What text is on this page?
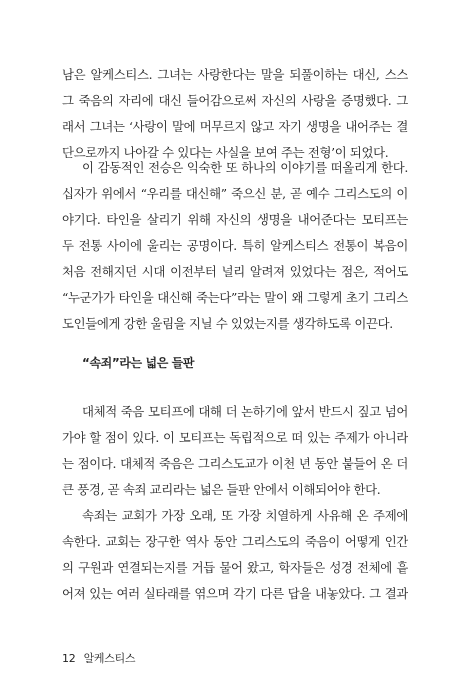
남은 알케스티스. 그녀는 사랑한다는 말을 되풀이하는 대신, 스스
그 죽음의 자리에 대신 들어감으로써 자신의 사랑을 증명했다. 그
래서 그녀는 ‘사랑이 말에 머무르지 않고 자기 생명을 내어주는 결
단으로까지 나아갈 수 있다는 사실을 보여 주는 전형’이 되었다.
이 감동적인 전승은 익숙한 또 하나의 이야기를 떠올리게 한다.
십자가 위에서 “우리를 대신해” 죽으신 분, 곧 예수 그리스도의 이
야기다. 타인을 살리기 위해 자신의 생명을 내어준다는 모티프는
두 전통 사이에 울리는 공명이다. 특히 알케스티스 전통이 복음이
처음 전해지던 시대 이전부터 널리 알려져 있었다는 점은, 적어도
“누군가가 타인을 대신해 죽는다”라는 말이 왜 그렇게 초기 그리스
도인들에게 강한 울림을 지닐 수 있었는지를 생각하도록 이끈다.
“속죄”라는 넓은 들판
대체적 죽음 모티프에 대해 더 논하기에 앞서 반드시 짚고 넘어
가야 할 점이 있다. 이 모티프는 독립적으로 떠 있는 주제가 아니라
는 점이다. 대체적 죽음은 그리스도교가 이천 년 동안 붙들어 온 더
큰 풍경, 곧 속죄 교리라는 넓은 들판 안에서 이해되어야 한다.
속죄는 교회가 가장 오래, 또 가장 치열하게 사유해 온 주제에
속한다. 교회는 장구한 역사 동안 그리스도의 죽음이 어떻게 인간
의 구원과 연결되는지를 거듭 물어 왔고, 학자들은 성경 전체에 흩
어져 있는 여러 실타래를 엮으며 각기 다른 답을 내놓았다. 그 결과
12 알케스티스
